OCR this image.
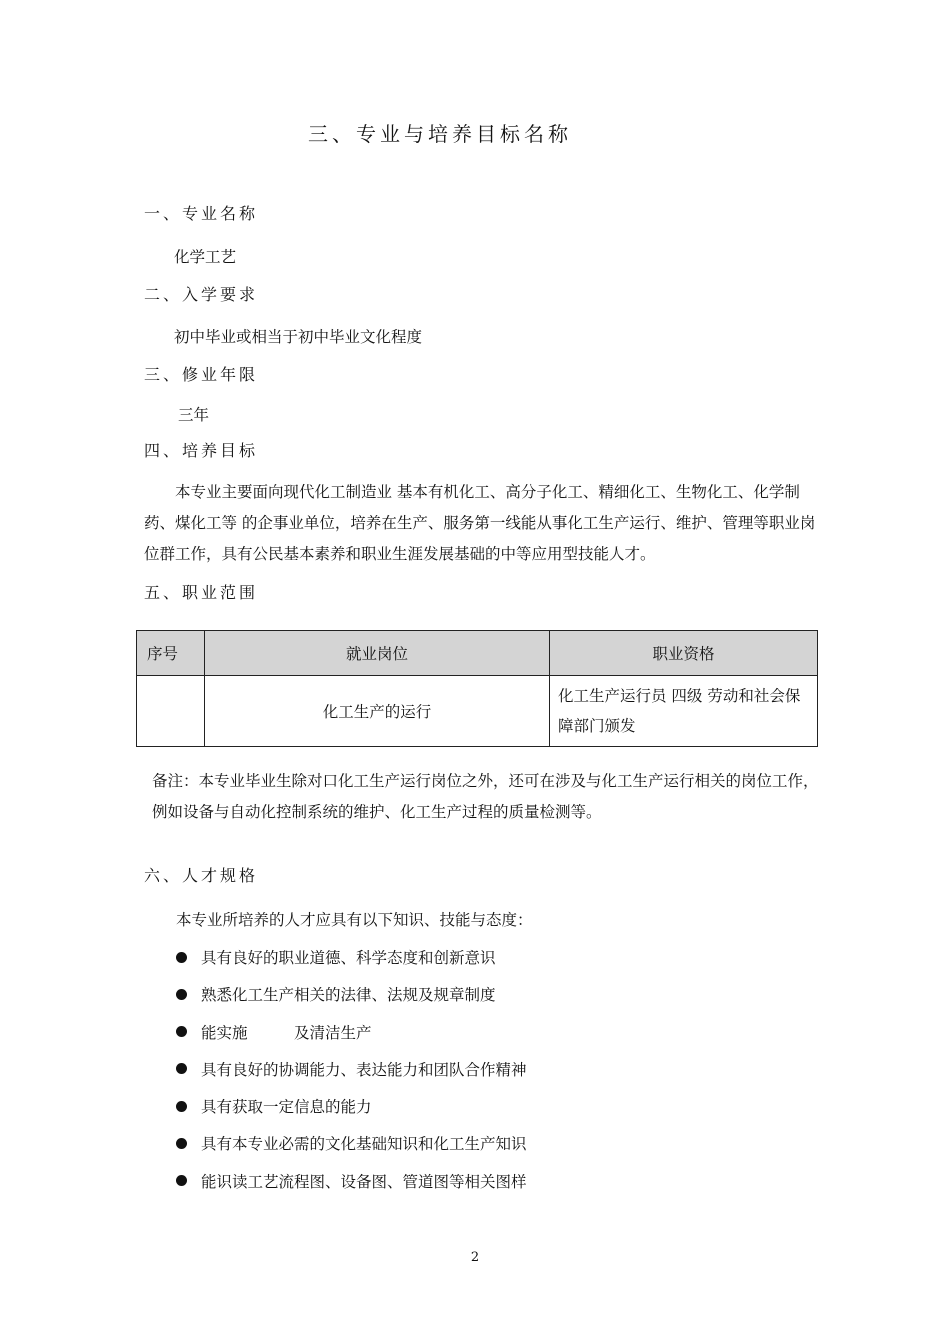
三、专业与培养目标名称
一、专业名称
化学工艺
二、入学要求
初中毕业或相当于初中毕业文化程度
三、修业年限
三年
四、培养目标
本专业主要面向现代化工制造业 基本有机化工、高分子化工、精细化工、生物化工、化学制药、煤化工等 的企事业单位，培养在生产、服务第一线能从事化工生产运行、维护、管理等职业岗位群工作，具有公民基本素养和职业生涯发展基础的中等应用型技能人才。
五、职业范围
序号	就业岗位	职业资格
	化工生产的运行	化工生产运行员 四级 劳动和社会保障部门颁发
备注：本专业毕业生除对口化工生产运行岗位之外，还可在涉及与化工生产运行相关的岗位工作，例如设备与自动化控制系统的维护、化工生产过程的质量检测等。
六、人才规格
本专业所培养的人才应具有以下知识、技能与态度：
具有良好的职业道德、科学态度和创新意识
熟悉化工生产相关的法律、法规及规章制度
能实施　　　及清洁生产
具有良好的协调能力、表达能力和团队合作精神
具有获取一定信息的能力
具有本专业必需的文化基础知识和化工生产知识
能识读工艺流程图、设备图、管道图等相关图样
2
